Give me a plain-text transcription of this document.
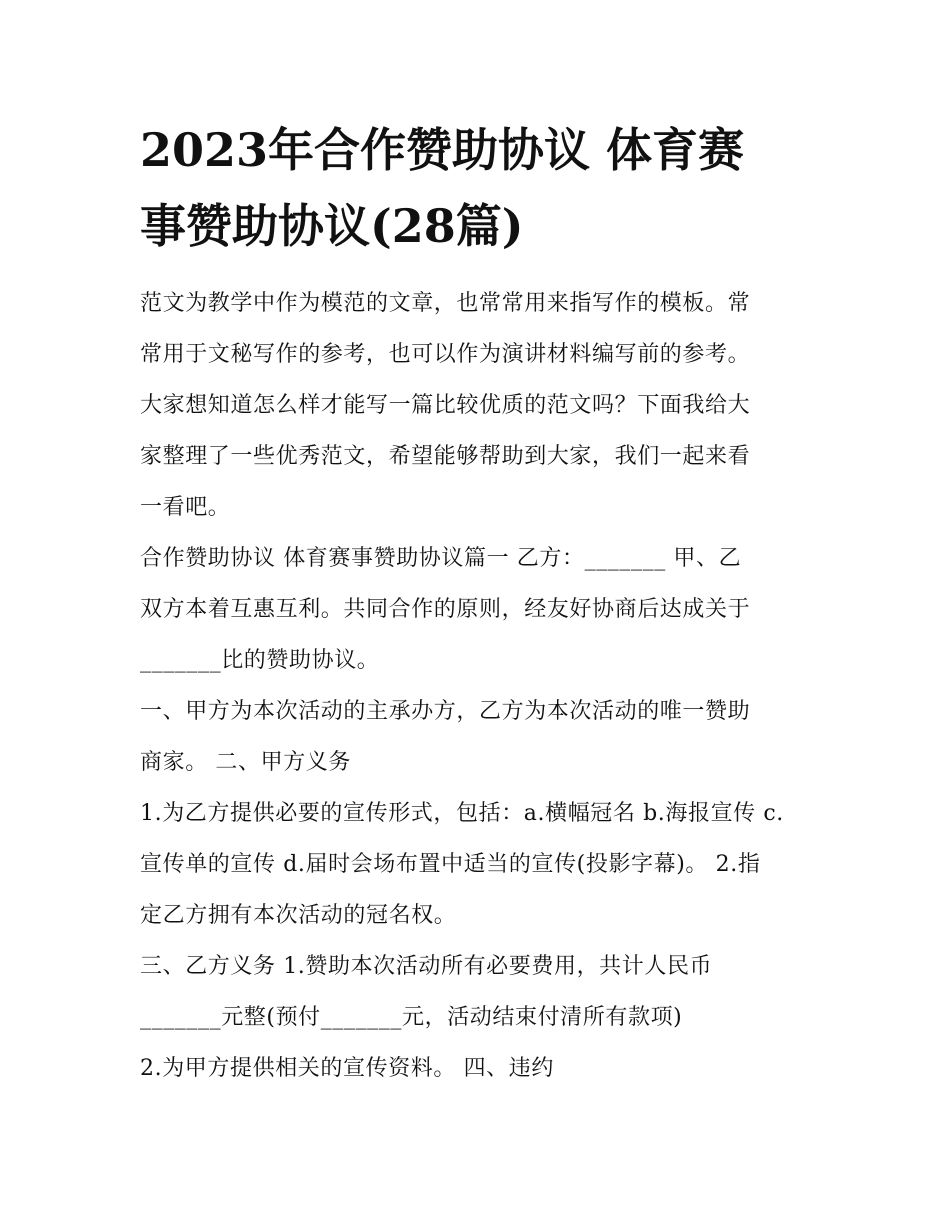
2023年合作赞助协议 体育赛
事赞助协议(28篇)
范文为教学中作为模范的文章，也常常用来指写作的模板。常
常用于文秘写作的参考，也可以作为演讲材料编写前的参考。
大家想知道怎么样才能写一篇比较优质的范文吗？下面我给大
家整理了一些优秀范文，希望能够帮助到大家，我们一起来看
一看吧。
合作赞助协议 体育赛事赞助协议篇一 乙方：_______ 甲、乙
双方本着互惠互利。共同合作的原则，经友好协商后达成关于
_______比的赞助协议。
一、甲方为本次活动的主承办方，乙方为本次活动的唯一赞助
商家。 二、甲方义务
1.为乙方提供必要的宣传形式，包括：a.横幅冠名 b.海报宣传 c.
宣传单的宣传 d.届时会场布置中适当的宣传(投影字幕)。 2.指
定乙方拥有本次活动的冠名权。
三、乙方义务 1.赞助本次活动所有必要费用，共计人民币
_______元整(预付_______元，活动结束付清所有款项)
2.为甲方提供相关的宣传资料。 四、违约
